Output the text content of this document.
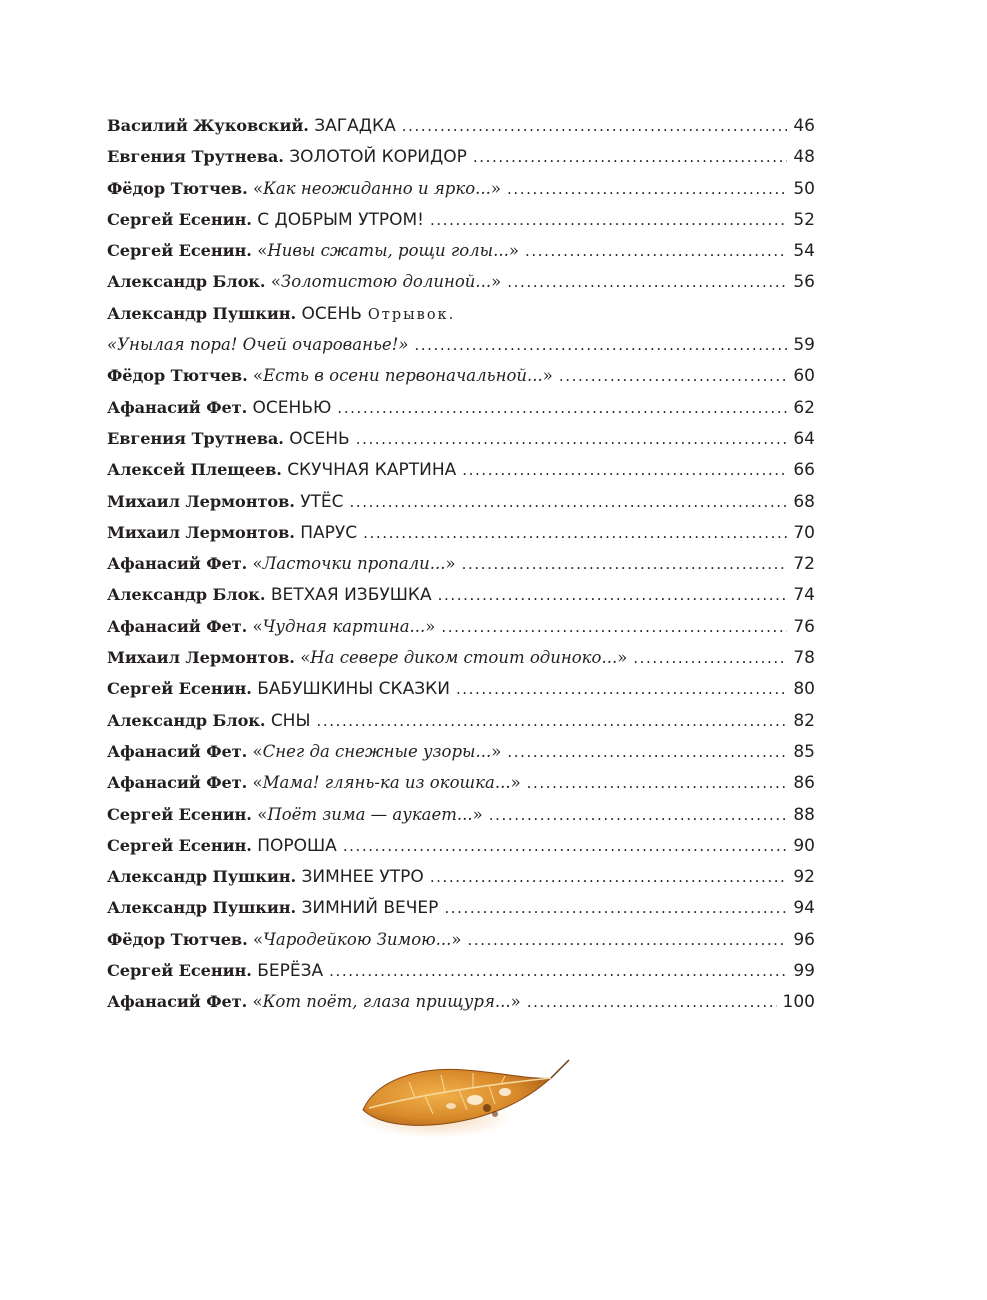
Василий Жуковский.
ЗАГАДКА .....	46
Евгения Трутнева.
ЗОЛОТОЙ КОРИДОР .....	48
Фёдор Тютчев.
« Как неожиданно и ярко... » .....	50
Сергей Есенин.
С ДОБРЫМ УТРОМ! .....	52
Сергей Есенин.
« Нивы сжаты, рощи голы... » .....	54
Александр Блок.
« Золотистою долиной... » .....	56
Александр Пушкин.
ОСЕНЬ Отрывок.
«Унылая пора! Очей очарованье!» .....	59
Фёдор Тютчев.
« Есть в осени первоначальной... » .....	60
Афанасий Фет.
ОСЕНЬЮ .....	62
Евгения Трутнева.
ОСЕНЬ .....	64
Алексей Плещеев.
СКУЧНАЯ КАРТИНА .....	66
Михаил Лермонтов.
УТЁС .....	68
Михаил Лермонтов.
ПАРУС .....	70
Афанасий Фет.
« Ласточки пропали... » .....	72
Александр Блок.
ВЕТХАЯ ИЗБУШКА .....	74
Афанасий Фет.
« Чудная картина... » .....	76
Михаил Лермонтов.
« На севере диком стоит одиноко... » .....	78
Сергей Есенин.
БАБУШКИНЫ СКАЗКИ .....	80
Александр Блок.
СНЫ .....	82
Афанасий Фет.
« Снег да снежные узоры... » .....	85
Афанасий Фет.
« Мама! глянь-ка из окошка... » .....	86
Сергей Есенин.
« Поёт зима — аукает... » .....	88
Сергей Есенин.
ПОРОША .....	90
Александр Пушкин.
ЗИМНЕЕ УТРО .....	92
Александр Пушкин.
ЗИМНИЙ ВЕЧЕР .....	94
Фёдор Тютчев.
« Чародейкою Зимою... » .....	96
Сергей Есенин.
БЕРЁЗА .....	99
Афанасий Фет.
« Кот поёт, глаза прищуря... » .....	100
